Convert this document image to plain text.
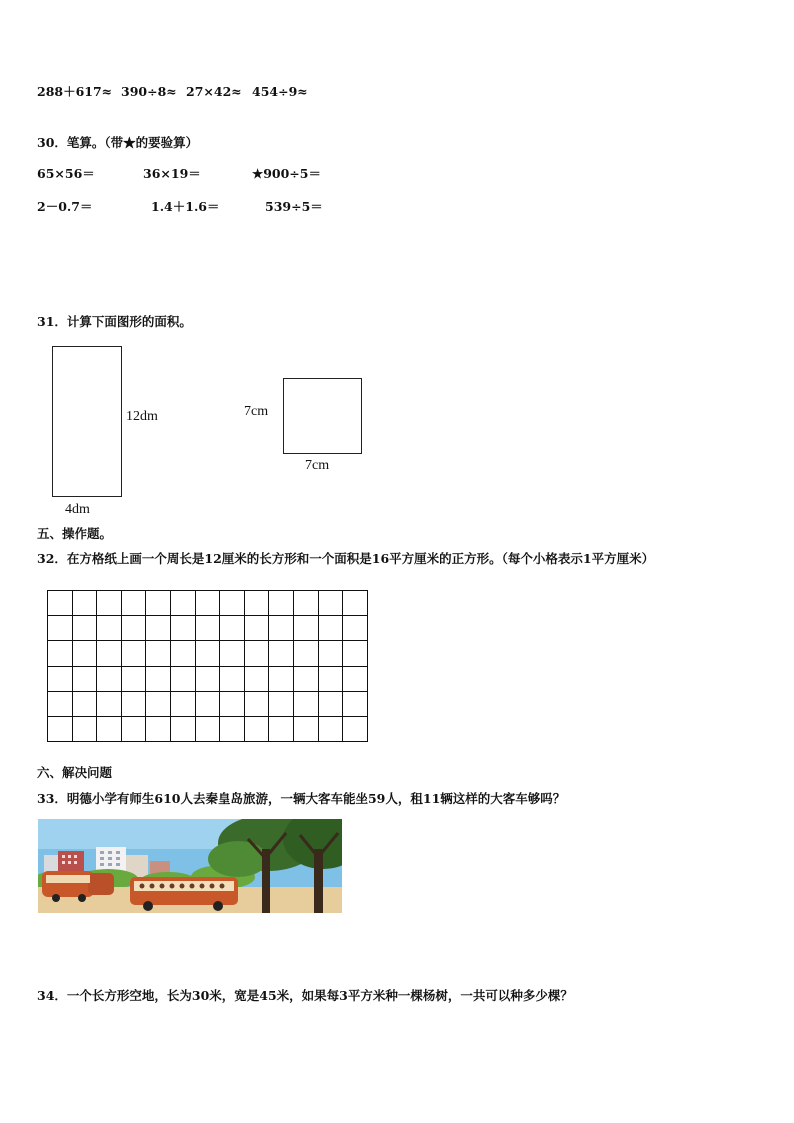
288＋617≈ 390÷8≈ 27×42≈ 454÷9≈
30．笔算。（带★的要验算）
65×56＝	36×19＝	★900÷5＝
2－0.7＝	1.4＋1.6＝	539÷5＝
31．计算下面图形的面积。
12dm
4dm
7cm
7cm
五、操作题。
32．在方格纸上画一个周长是12厘米的长方形和一个面积是16平方厘米的正方形。（每个小格表示1平方厘米）

六、解决问题
33．明德小学有师生610人去秦皇岛旅游，一辆大客车能坐59人，租11辆这样的大客车够吗？
34．一个长方形空地，长为30米，宽是45米，如果每3平方米种一棵杨树，一共可以种多少棵？
